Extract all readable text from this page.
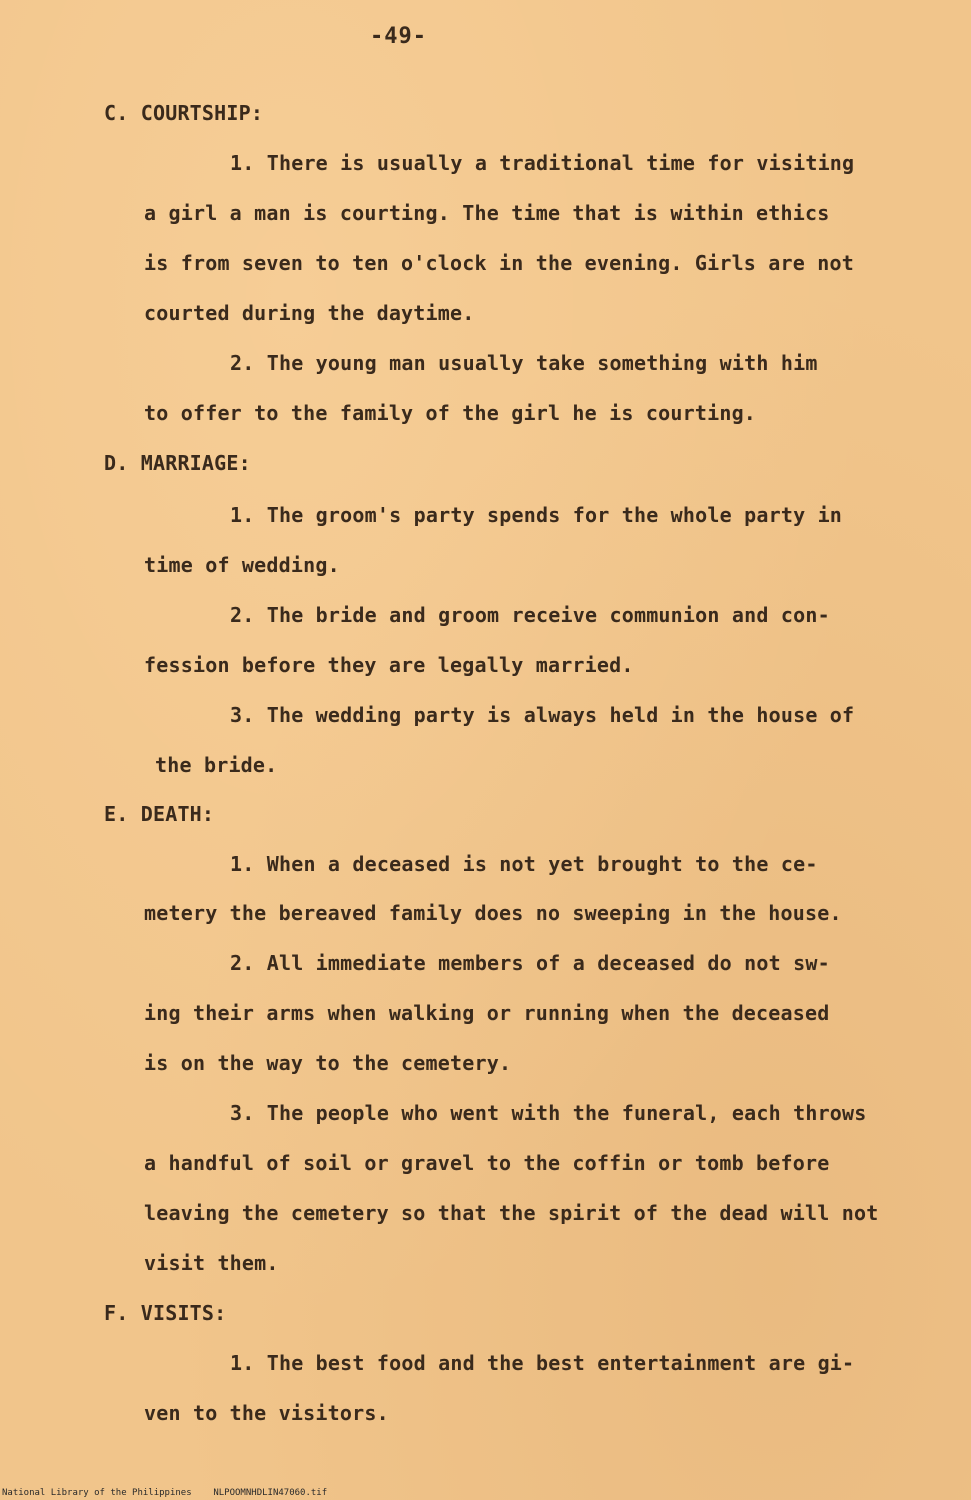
-49-
C. COURTSHIP:
1. There is usually a traditional time for visiting
a girl a man is courting. The time that is within ethics
is from seven to ten o'clock in the evening. Girls are not
courted during the daytime.
2. The young man usually take something with him
to offer to the family of the girl he is courting.
D. MARRIAGE:
1. The groom's party spends for the whole party in
time of wedding.
2. The bride and groom receive communion and con-
fession before they are legally married.
3. The wedding party is always held in the house of
the bride.
E. DEATH:
1. When a deceased is not yet brought to the ce-
metery the bereaved family does no sweeping in the house.
2. All immediate members of a deceased do not sw-
ing their arms when walking or running when the deceased
is on the way to the cemetery.
3. The people who went with the funeral, each throws
a handful of soil or gravel to the coffin or tomb before
leaving the cemetery so that the spirit of the dead will not
visit them.
F. VISITS:
1. The best food and the best entertainment are gi-
ven to the visitors.
National Library of the Philippines NLPOOMNHDLIN47060.tif
